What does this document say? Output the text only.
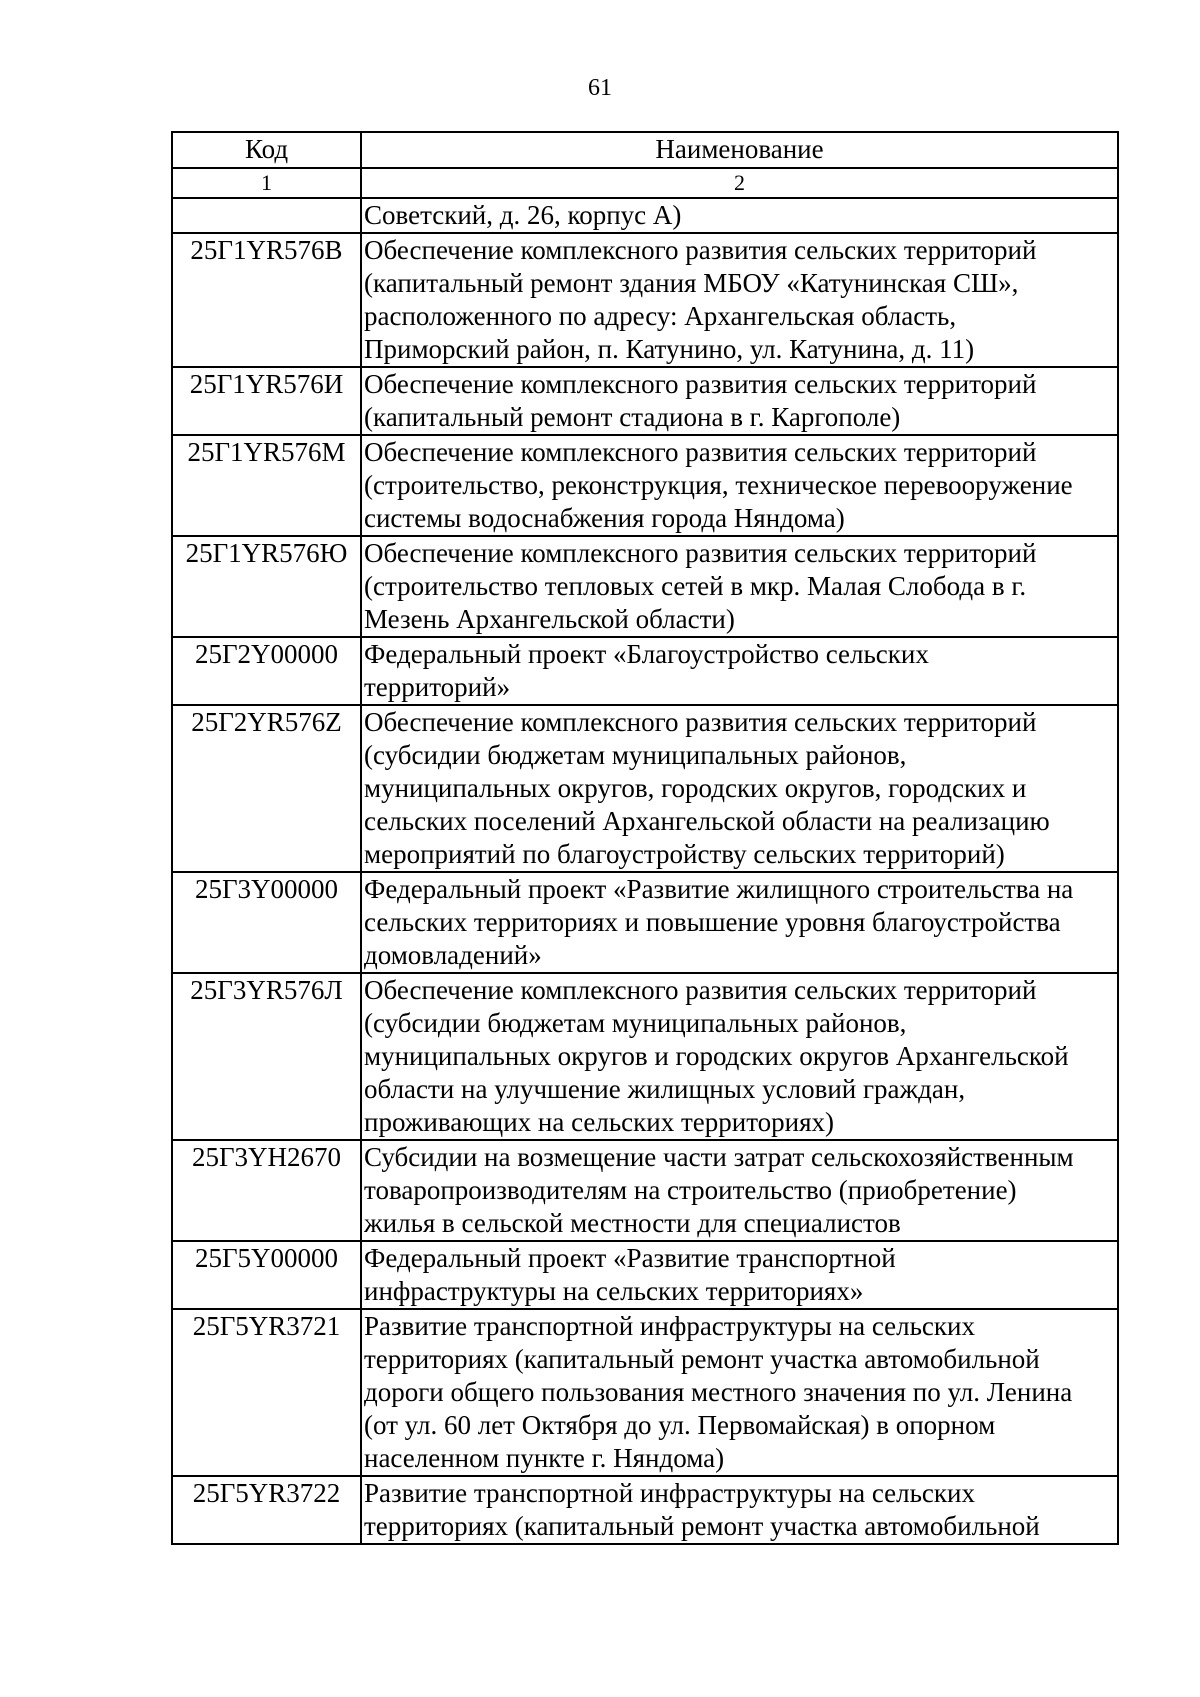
61
Код	Наименование
1	2

	Советский, д. 26, корпус А)

25Г1YR576B	Обеспечение комплексного развития сельских территорий
(капитальный ремонт здания МБОУ «Катунинская СШ»,
расположенного по адресу: Архангельская область,
Приморский район, п. Катунино, ул. Катунина, д. 11)

25Г1YR576И	Обеспечение комплексного развития сельских территорий
(капитальный ремонт стадиона в г. Каргополе)

25Г1YR576M	Обеспечение комплексного развития сельских территорий
(строительство, реконструкция, техническое перевооружение
системы водоснабжения города Няндома)

25Г1YR576Ю	Обеспечение комплексного развития сельских территорий
(строительство тепловых сетей в мкр. Малая Слобода в г.
Мезень Архангельской области)

25Г2Y00000	Федеральный проект «Благоустройство сельских
территорий»

25Г2YR576Z	Обеспечение комплексного развития сельских территорий
(субсидии бюджетам муниципальных районов,
муниципальных округов, городских округов, городских и
сельских поселений Архангельской области на реализацию
мероприятий по благоустройству сельских территорий)

25Г3Y00000	Федеральный проект «Развитие жилищного строительства на
сельских территориях и повышение уровня благоустройства
домовладений»

25Г3YR576Л	Обеспечение комплексного развития сельских территорий
(субсидии бюджетам муниципальных районов,
муниципальных округов и городских округов Архангельской
области на улучшение жилищных условий граждан,
проживающих на сельских территориях)

25Г3YH2670	Субсидии на возмещение части затрат сельскохозяйственным
товаропроизводителям на строительство (приобретение)
жилья в сельской местности для специалистов

25Г5Y00000	Федеральный проект «Развитие транспортной
инфраструктуры на сельских территориях»

25Г5YR3721	Развитие транспортной инфраструктуры на сельских
территориях (капитальный ремонт участка автомобильной
дороги общего пользования местного значения по ул. Ленина
(от ул. 60 лет Октября до ул. Первомайская) в опорном
населенном пункте г. Няндома)

25Г5YR3722	Развитие транспортной инфраструктуры на сельских
территориях (капитальный ремонт участка автомобильной
